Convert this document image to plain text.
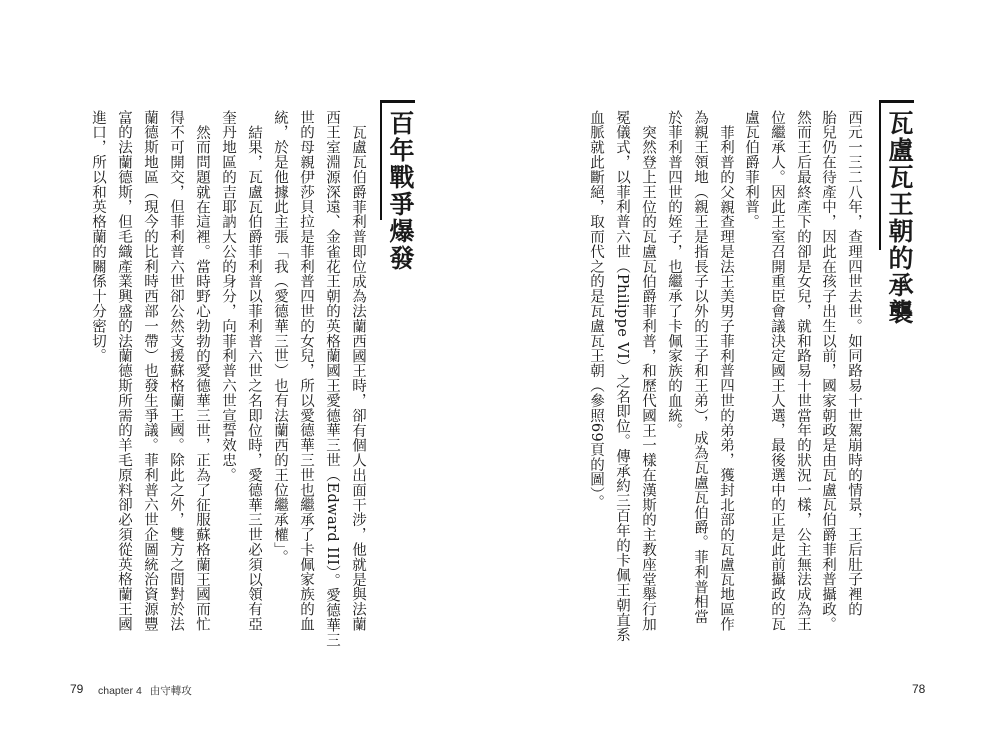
瓦盧瓦王朝的承襲
西元一三二八年，查理四世去世。如同路易十世駕崩時的情景，王后肚子裡的
胎兒仍在待產中，因此在孩子出生以前，國家朝政是由瓦盧瓦伯爵菲利普攝政。
然而王后最終產下的卻是女兒，就和路易十世當年的狀況一樣，公主無法成為王
位繼承人。因此王室召開重臣會議決定國王人選，最後選中的正是此前攝政的瓦
盧瓦伯爵菲利普。
菲利普的父親查理是法王美男子菲利普四世的弟弟，獲封北部的瓦盧瓦地區作
為親王領地（親王是指長子以外的王子和王弟），成為瓦盧瓦伯爵。菲利普相當
於菲利普四世的姪子，也繼承了卡佩家族的血統。
突然登上王位的瓦盧瓦伯爵菲利普，和歷代國王一樣在漢斯的主教座堂舉行加
冕儀式，以菲利普六世（Philippe VI）之名即位。傳承約三百年的卡佩王朝直系
血脈就此斷絕，取而代之的是瓦盧瓦王朝（參照69頁的圖）。
百年戰爭爆發
瓦盧瓦伯爵菲利普即位成為法蘭西國王時，卻有個人出面干涉，他就是與法蘭
西王室淵源深遠、金雀花王朝的英格蘭國王愛德華三世（Edward III）。愛德華三
世的母親伊莎貝拉是菲利普四世的女兒，所以愛德華三世也繼承了卡佩家族的血
統，於是他據此主張「我（愛德華三世）也有法蘭西的王位繼承權」。
結果，瓦盧瓦伯爵菲利普以菲利普六世之名即位時，愛德華三世必須以領有亞
奎丹地區的吉耶訥大公的身分，向菲利普六世宣誓效忠。
然而問題就在這裡。當時野心勃勃的愛德華三世，正為了征服蘇格蘭王國而忙
得不可開交，但菲利普六世卻公然支援蘇格蘭王國。除此之外，雙方之間對於法
蘭德斯地區（現今的比利時西部一帶）也發生爭議。菲利普六世企圖統治資源豐
富的法蘭德斯，但毛織產業興盛的法蘭德斯所需的羊毛原料卻必須從英格蘭王國
進口，所以和英格蘭的關係十分密切。
79 chapter 4 由守轉攻	78
